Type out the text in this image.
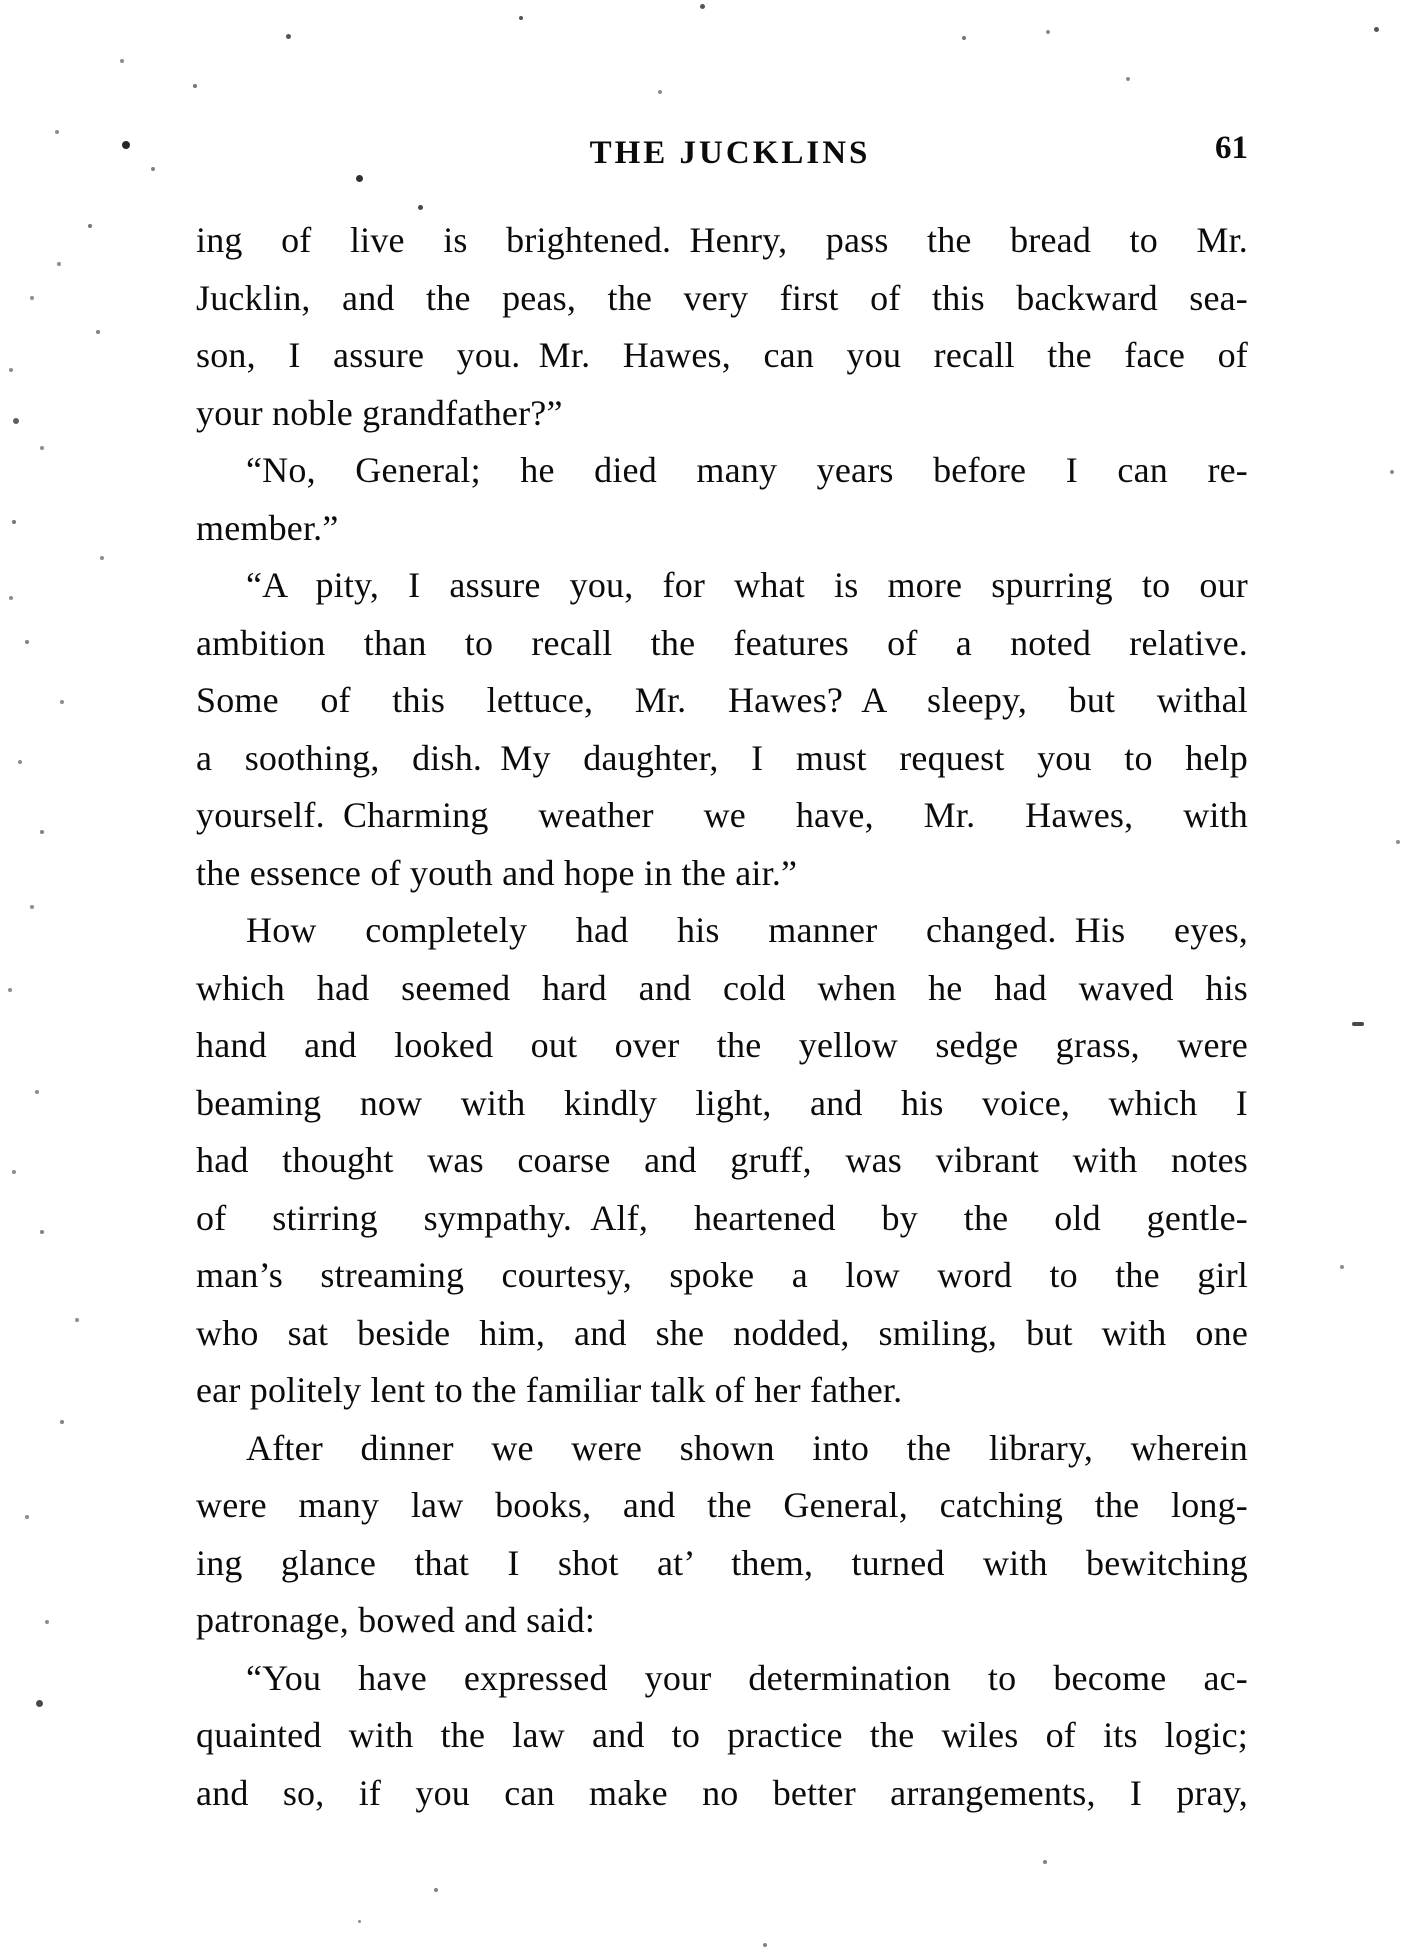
THE JUCKLINS	61
ing of live is brightened. Henry, pass the bread to Mr.
Jucklin, and the peas, the very first of this backward sea-
son, I assure you. Mr. Hawes, can you recall the face of
your noble grandfather?”
“No, General; he died many years before I can re-
member.”
“A pity, I assure you, for what is more spurring to our
ambition than to recall the features of a noted relative.
Some of this lettuce, Mr. Hawes? A sleepy, but withal
a soothing, dish. My daughter, I must request you to help
yourself. Charming weather we have, Mr. Hawes, with
the essence of youth and hope in the air.”
How completely had his manner changed. His eyes,
which had seemed hard and cold when he had waved his
hand and looked out over the yellow sedge grass, were
beaming now with kindly light, and his voice, which I
had thought was coarse and gruff, was vibrant with notes
of stirring sympathy. Alf, heartened by the old gentle-
man’s streaming courtesy, spoke a low word to the girl
who sat beside him, and she nodded, smiling, but with one
ear politely lent to the familiar talk of her father.
After dinner we were shown into the library, wherein
were many law books, and the General, catching the long-
ing glance that I shot at’ them, turned with bewitching
patronage, bowed and said:
“You have expressed your determination to become ac-
quainted with the law and to practice the wiles of its logic;
and so, if you can make no better arrangements, I pray,
